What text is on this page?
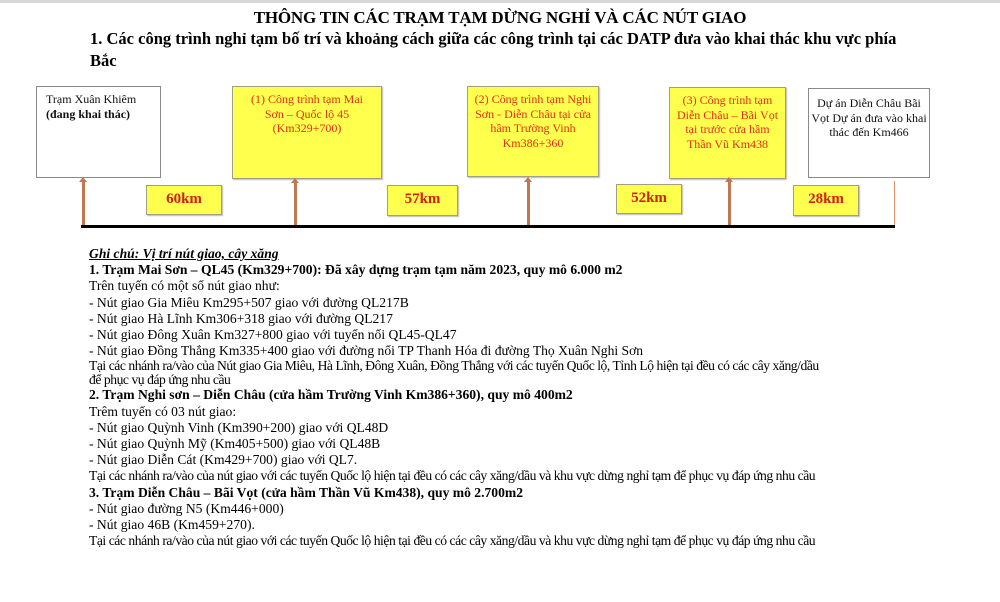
THÔNG TIN CÁC TRẠM TẠM DỪNG NGHỈ VÀ CÁC NÚT GIAO
1. Các công trình nghỉ tạm bố trí và khoảng cách giữa các công trình tại các DATP đưa vào khai thác khu vực phía Bắc
Trạm Xuân Khiêm
(đang khai thác)
(1) Công trình tạm Mai Sơn – Quốc lộ 45 (Km329+700)
(2) Công trình tạm Nghi Sơn - Diễn Châu tại cửa hầm Trường Vinh Km386+360
(3) Công trình tạm Diễn Châu – Bãi Vọt tại trước cửa hầm Thần Vũ Km438
Dự án Diễn Châu Bãi Vọt Dự án đưa vào khai thác đến Km466
60km	57km	52km	28km
Ghi chú: Vị trí nút giao, cây xăng
1. Trạm Mai Sơn – QL45 (Km329+700): Đã xây dựng trạm tạm năm 2023, quy mô 6.000 m2
Trên tuyến có một số nút giao như:
- Nút giao Gia Miêu Km295+507 giao với đường QL217B
- Nút giao Hà Lĩnh Km306+318 giao với đường QL217
- Nút giao Đông Xuân Km327+800 giao với tuyến nối QL45-QL47
- Nút giao Đồng Thắng Km335+400 giao với đường nối TP Thanh Hóa đi đường Thọ Xuân Nghi Sơn
Tại các nhánh ra/vào của Nút giao Gia Miêu, Hà Lĩnh, Đông Xuân, Đồng Thắng với các tuyến Quốc lộ, Tỉnh Lộ hiện tại đều có các cây xăng/dầu
để phục vụ đáp ứng nhu cầu
2. Trạm Nghi sơn – Diễn Châu (cửa hầm Trường Vinh Km386+360), quy mô 400m2
Trêm tuyến có 03 nút giao:
- Nút giao Quỳnh Vinh (Km390+200) giao với QL48D
- Nút giao Quỳnh Mỹ (Km405+500) giao với QL48B
- Nút giao Diễn Cát (Km429+700) giao với QL7.
Tại các nhánh ra/vào của nút giao với các tuyến Quốc lộ hiện tại đều có các cây xăng/dầu và khu vực dừng nghỉ tạm để phục vụ đáp ứng nhu cầu
3. Trạm Diễn Châu – Bãi Vọt (cửa hầm Thần Vũ Km438), quy mô 2.700m2
- Nút giao đường N5 (Km446+000)
- Nút giao 46B (Km459+270).
Tại các nhánh ra/vào của nút giao với các tuyến Quốc lộ hiện tại đều có các cây xăng/dầu và khu vực dừng nghỉ tạm để phục vụ đáp ứng nhu cầu
